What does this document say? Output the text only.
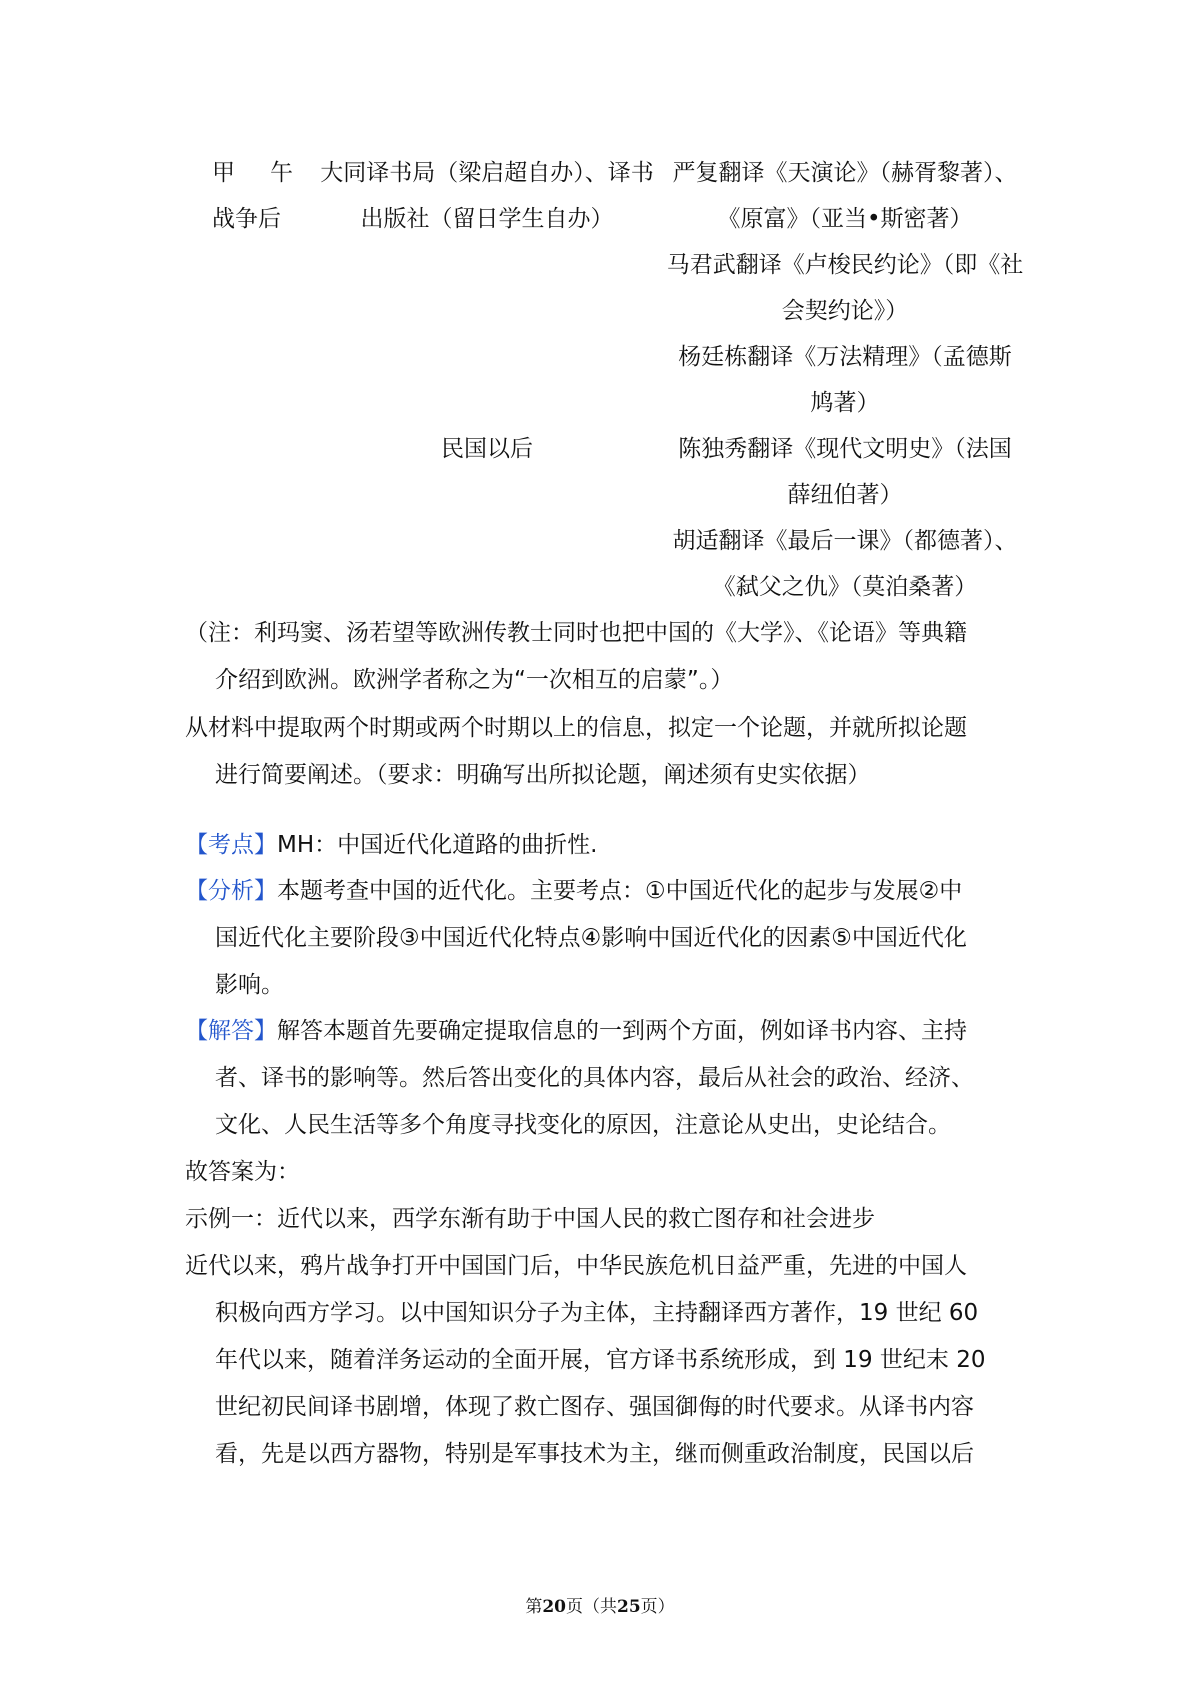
甲　午
战争后
大同译书局（梁启超自办）、译书
出版社（留日学生自办）
严复翻译《天演论》（赫胥黎著）、
《原富》（亚当•斯密著）
马君武翻译《卢梭民约论》（即《社
会契约论》）
杨廷栋翻译《万法精理》（孟德斯
鸠著）
民国以后	陈独秀翻译《现代文明史》（法国
薛纽伯著）
胡适翻译《最后一课》（都德著）、
《弑父之仇》（莫泊桑著）
（注：利玛窦、汤若望等欧洲传教士同时也把中国的《大学》、《论语》等典籍
介绍到欧洲。欧洲学者称之为“一次相互的启蒙”。）
从材料中提取两个时期或两个时期以上的信息，拟定一个论题，并就所拟论题
进行简要阐述。（要求：明确写出所拟论题，阐述须有史实依据）
【考点】MH：中国近代化道路的曲折性.
【分析】本题考查中国的近代化。主要考点：①中国近代化的起步与发展②中
国近代化主要阶段③中国近代化特点④影响中国近代化的因素⑤中国近代化
影响。
【解答】解答本题首先要确定提取信息的一到两个方面，例如译书内容、主持
者、译书的影响等。然后答出变化的具体内容，最后从社会的政治、经济、
文化、人民生活等多个角度寻找变化的原因，注意论从史出，史论结合。
故答案为：
示例一：近代以来，西学东渐有助于中国人民的救亡图存和社会进步
近代以来，鸦片战争打开中国国门后，中华民族危机日益严重，先进的中国人
积极向西方学习。以中国知识分子为主体，主持翻译西方著作，19 世纪 60
年代以来，随着洋务运动的全面开展，官方译书系统形成，到 19 世纪末 20
世纪初民间译书剧增，体现了救亡图存、强国御侮的时代要求。从译书内容
看，先是以西方器物，特别是军事技术为主，继而侧重政治制度，民国以后
第20页（共25页）
